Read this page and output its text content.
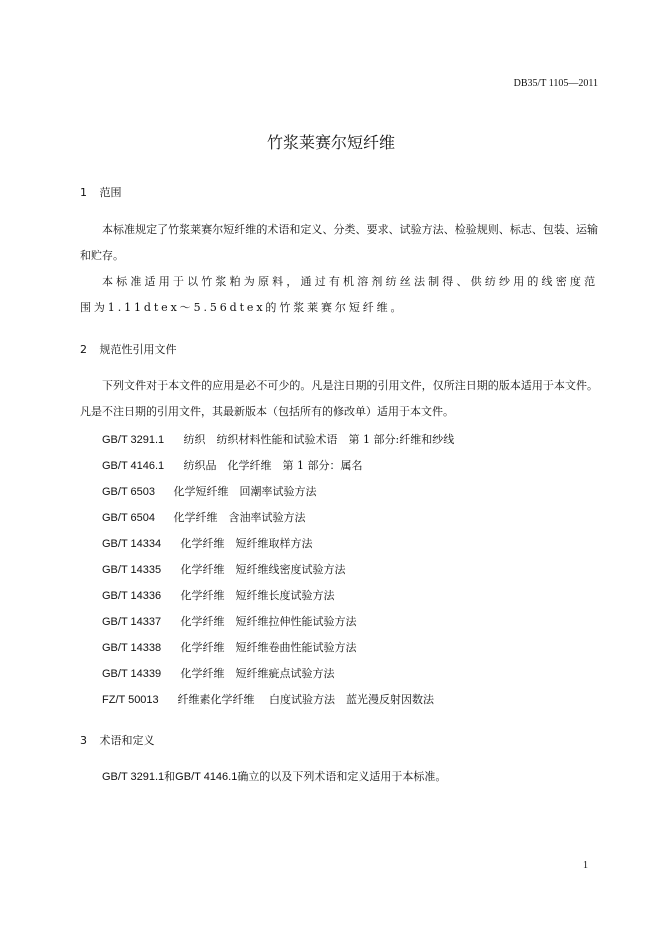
DB35/T 1105—2011
竹浆莱赛尔短纤维
1 范围
本标准规定了竹浆莱赛尔短纤维的术语和定义、分类、要求、试验方法、检验规则、标志、包装、运输和贮存。
本标准适用于以竹浆粕为原料，通过有机溶剂纺丝法制得、供纺纱用的线密度范围为1.11dtex～5.56dtex的竹浆莱赛尔短纤维。
2 规范性引用文件
下列文件对于本文件的应用是必不可少的。凡是注日期的引用文件，仅所注日期的版本适用于本文件。凡是不注日期的引用文件，其最新版本（包括所有的修改单）适用于本文件。
GB/T 3291.1 纺织　纺织材料性能和试验术语　第 1 部分:纤维和纱线
GB/T 4146.1 纺织品　化学纤维　第 1 部分：属名
GB/T 6503 化学短纤维　回潮率试验方法
GB/T 6504 化学纤维　含油率试验方法
GB/T 14334 化学纤维　短纤维取样方法
GB/T 14335 化学纤维　短纤维线密度试验方法
GB/T 14336 化学纤维　短纤维长度试验方法
GB/T 14337 化学纤维　短纤维拉伸性能试验方法
GB/T 14338 化学纤维　短纤维卷曲性能试验方法
GB/T 14339 化学纤维　短纤维疵点试验方法
FZ/T 50013 纤维素化学纤维　 白度试验方法　蓝光漫反射因数法
3 术语和定义
GB/T 3291.1和GB/T 4146.1确立的以及下列术语和定义适用于本标准。
1
